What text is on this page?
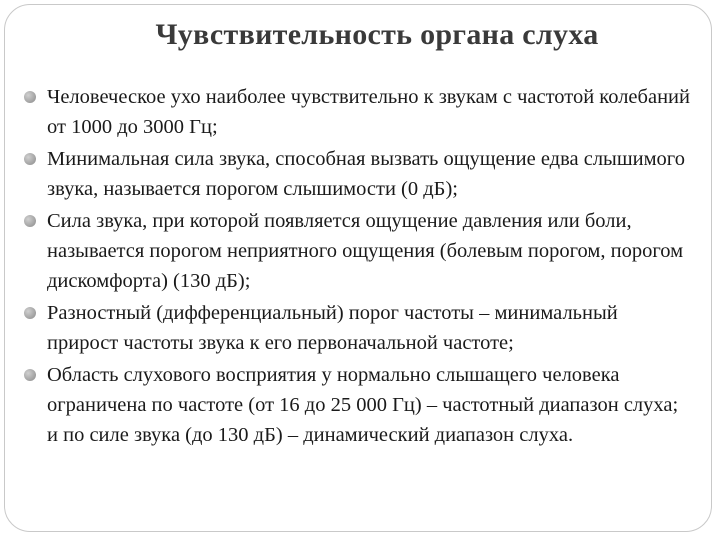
Чувствительность органа слуха
Человеческое ухо наиболее чувствительно к звукам с частотой колебаний от 1000 до 3000 Гц;
Минимальная сила звука, способная вызвать ощущение едва слышимого звука, называется порогом слышимости (0 дБ);
Сила звука, при которой появляется ощущение давления или боли, называется порогом неприятного ощущения (болевым порогом, порогом дискомфорта) (130 дБ);
Разностный (дифференциальный) порог частоты – минимальный прирост частоты звука к его первоначальной частоте;
Область слухового восприятия у нормально слышащего человека ограничена по частоте (от 16 до 25 000 Гц) – частотный диапазон слуха; и по силе звука (до 130 дБ) – динамический диапазон слуха.
